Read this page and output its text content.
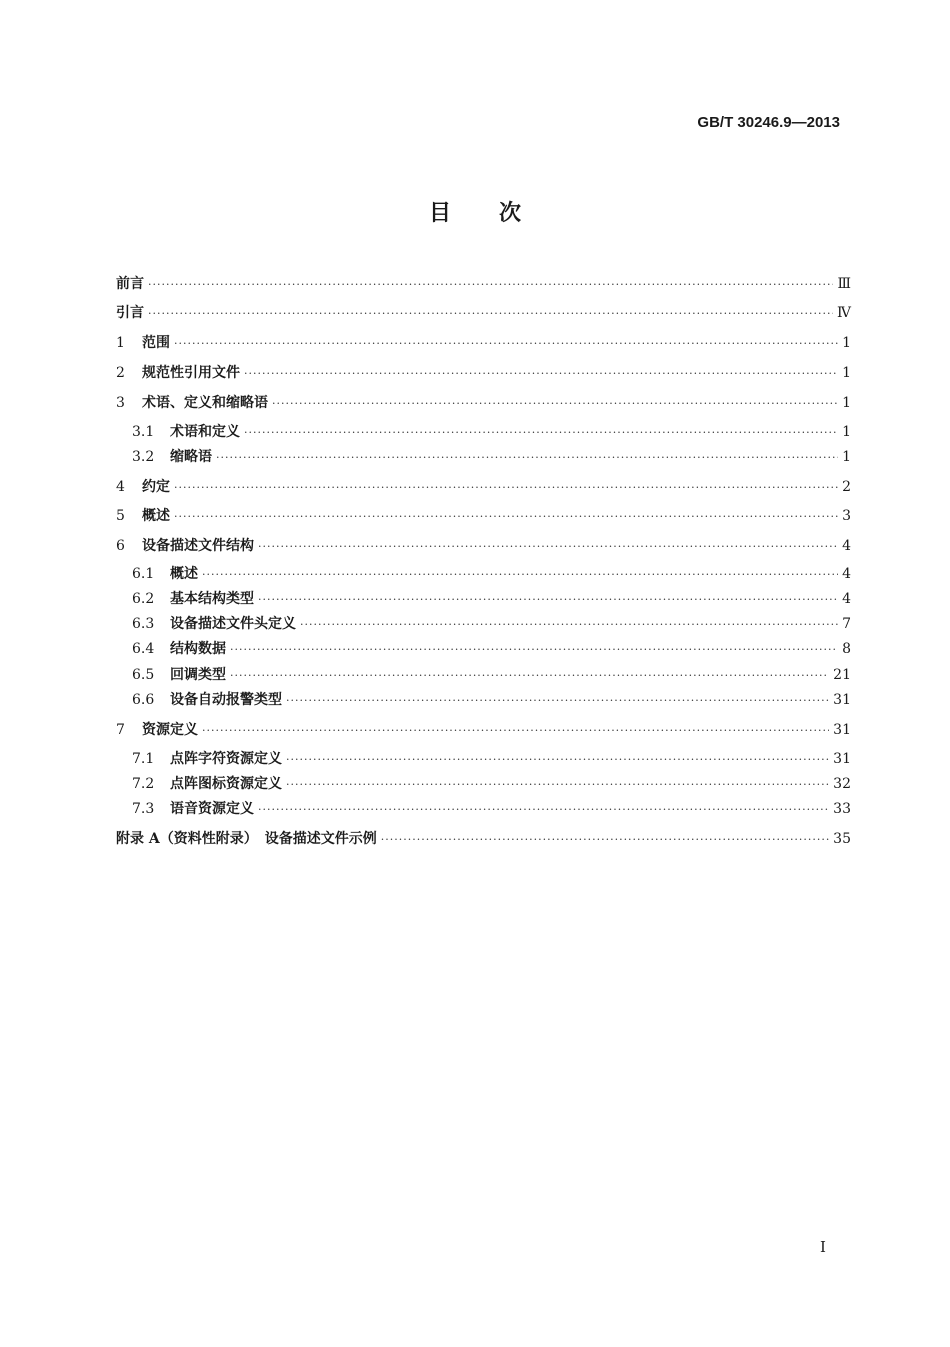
GB/T 30246.9—2013
目次
前言 ·····	Ⅲ
引言 ·····	Ⅳ
1	范围 ·····	1
2	规范性引用文件 ·····	1
3	术语、定义和缩略语 ·····	1
3.1	术语和定义 ·····	1
3.2	缩略语 ·····	1
4	约定 ·····	2
5	概述 ·····	3
6	设备描述文件结构 ·····	4
6.1	概述 ·····	4
6.2	基本结构类型 ·····	4
6.3	设备描述文件头定义 ·····	7
6.4	结构数据 ·····	8
6.5	回调类型 ·····	21
6.6	设备自动报警类型 ·····	31
7	资源定义 ·····	31
7.1	点阵字符资源定义 ·····	31
7.2	点阵图标资源定义 ·····	32
7.3	语音资源定义 ·····	33
附录 A（资料性附录）　设备描述文件示例 ·····	35
I
